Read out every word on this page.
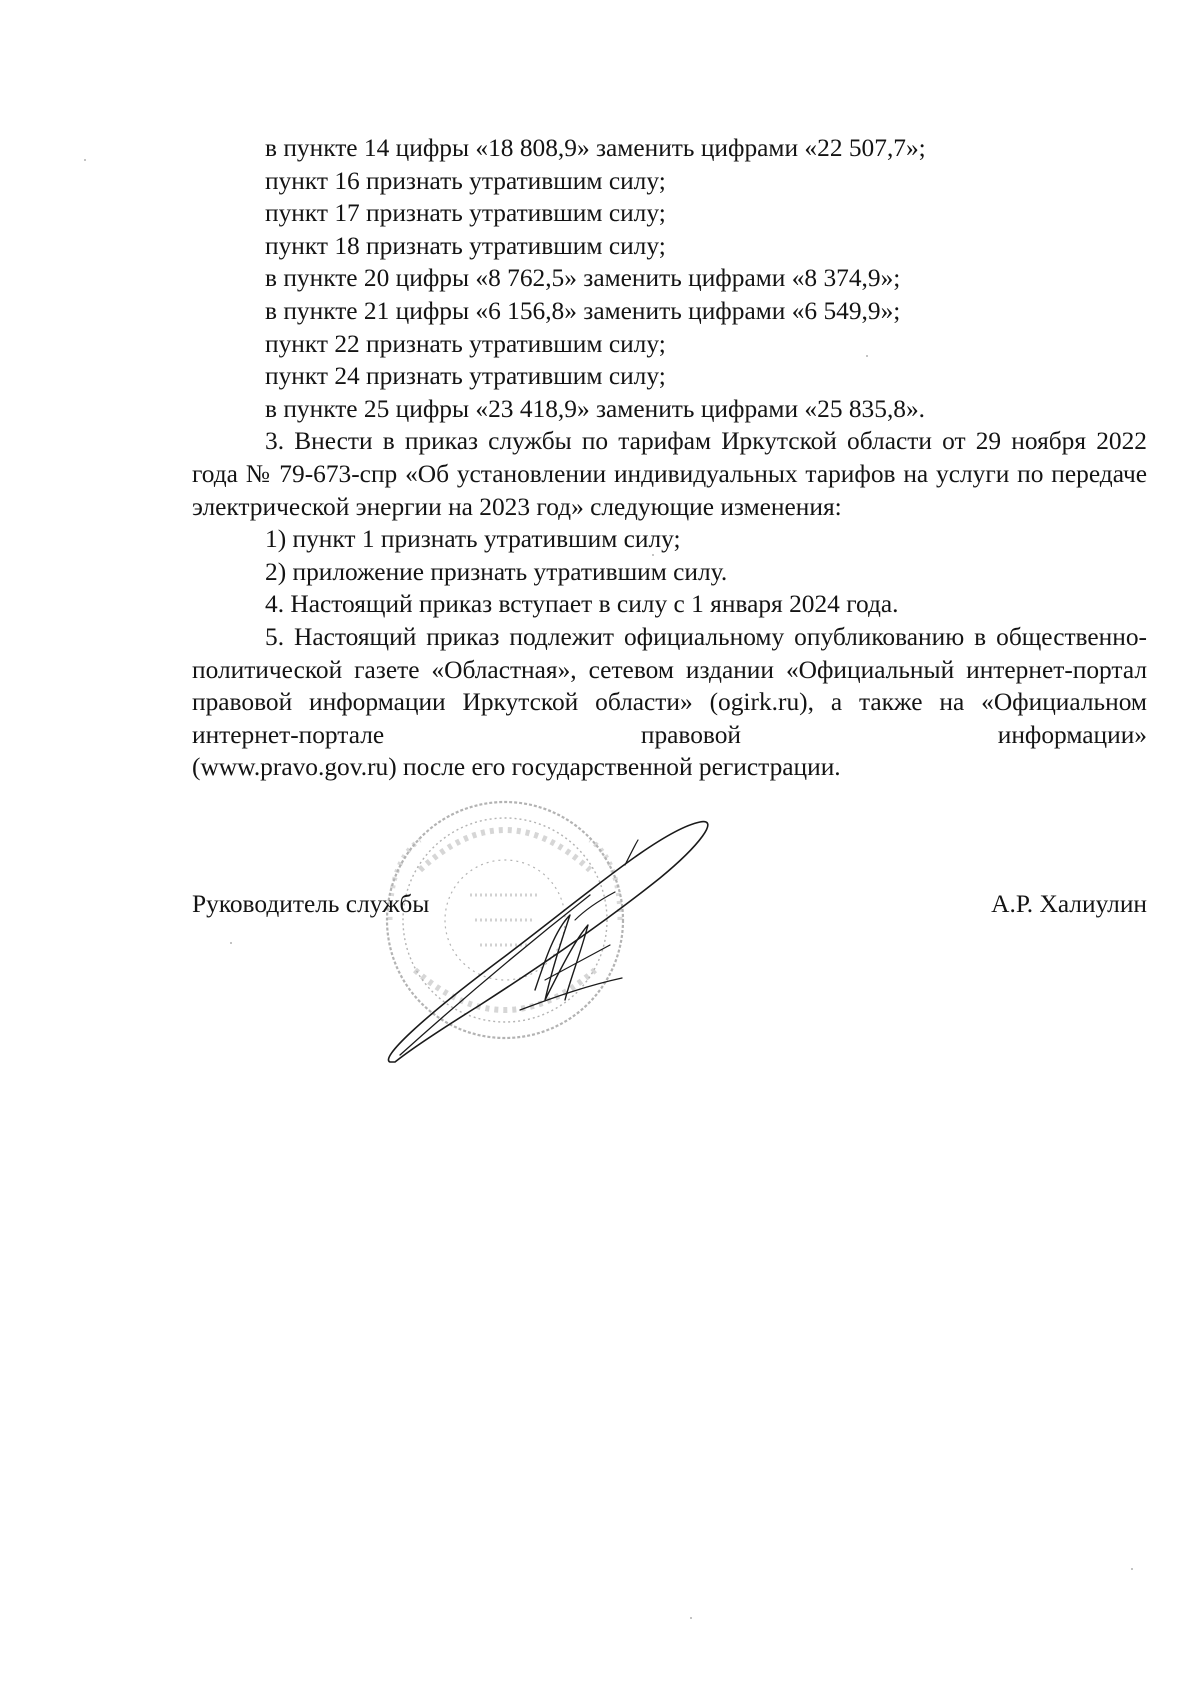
в пункте 14 цифры «18 808,9» заменить цифрами «22 507,7»;
пункт 16 признать утратившим силу;
пункт 17 признать утратившим силу;
пункт 18 признать утратившим силу;
в пункте 20 цифры «8 762,5» заменить цифрами «8 374,9»;
в пункте 21 цифры «6 156,8» заменить цифрами «6 549,9»;
пункт 22 признать утратившим силу;
пункт 24 признать утратившим силу;
в пункте 25 цифры «23 418,9» заменить цифрами «25 835,8».
3. Внести в приказ службы по тарифам Иркутской области от 29 ноября 2022 года № 79-673-спр «Об установлении индивидуальных тарифов на услуги по передаче электрической энергии на 2023 год» следующие изменения:
1) пункт 1 признать утратившим силу;
2) приложение признать утратившим силу.
4. Настоящий приказ вступает в силу с 1 января 2024 года.
5. Настоящий приказ подлежит официальному опубликованию в общественно-политической газете «Областная», сетевом издании «Официальный интернет-портал правовой информации Иркутской области» (ogirk.ru), а также на «Официальном интернет-портале правовой информации»
(www.pravo.gov.ru) после его государственной регистрации.
Руководитель службы	А.Р. Халиулин
